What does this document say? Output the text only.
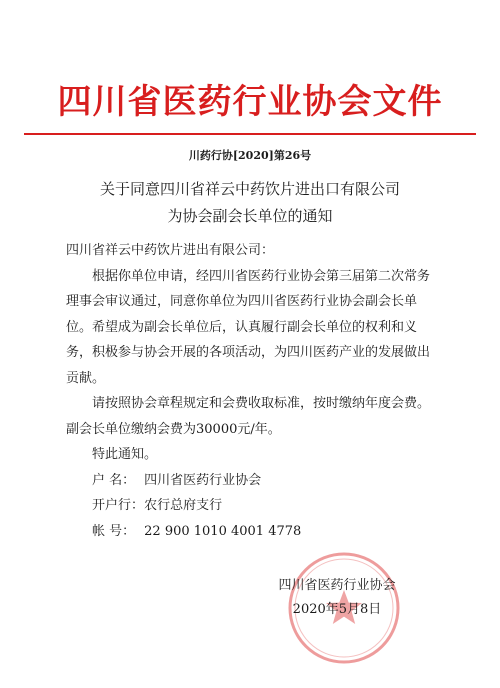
四川省医药行业协会文件
川药行协[2020]第26号
关于同意四川省祥云中药饮片进出口有限公司
为协会副会长单位的通知

四川省祥云中药饮片进出有限公司：

根据你单位申请，经四川省医药行业协会第三届第二次常务理事会审议通过，同意你单位为四川省医药行业协会副会长单位。希望成为副会长单位后，认真履行副会长单位的权利和义务，积极参与协会开展的各项活动，为四川医药产业的发展做出贡献。

请按照协会章程规定和会费收取标准，按时缴纳年度会费。副会长单位缴纳会费为30000元/年。

特此通知。

户 名： 四川省医药行业协会
开户行： 农行总府支行
帐 号： 22 900 1010 4001 4778
四川省医药行业协会
2020年5月8日
